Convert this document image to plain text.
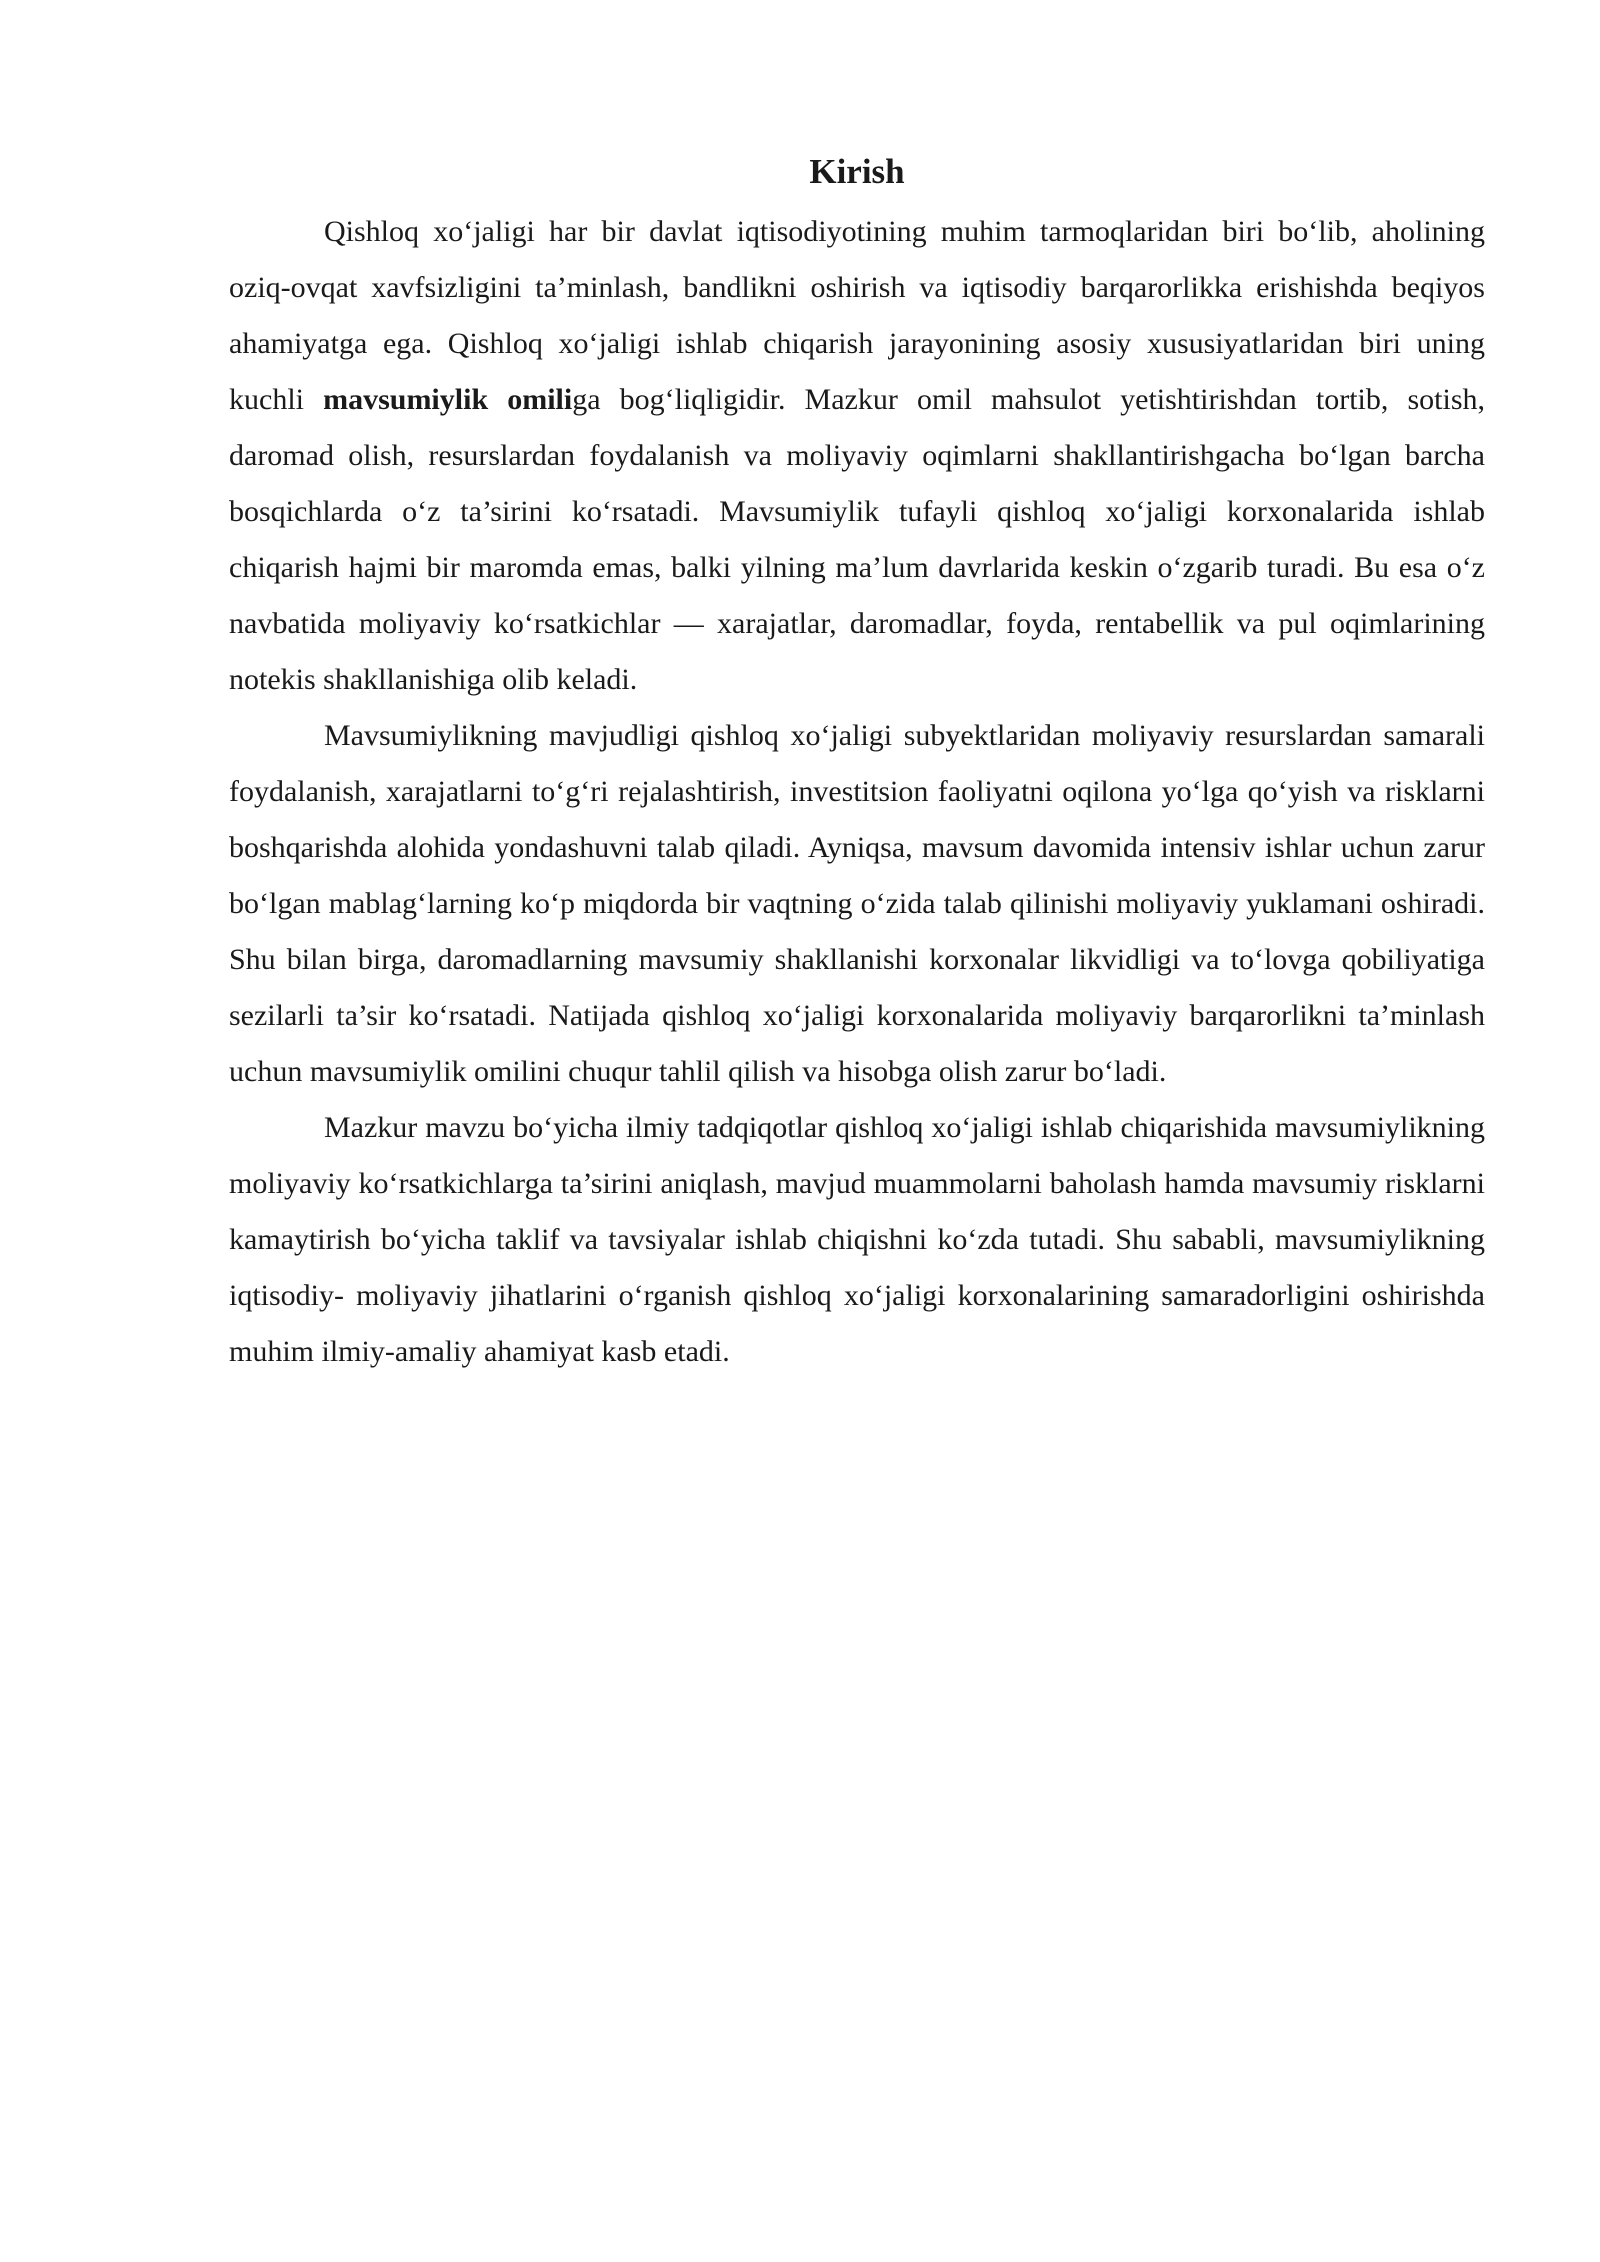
Kirish

Qishloq xo‘jaligi har bir davlat iqtisodiyotining muhim tarmoqlaridan biri bo‘lib, aholining oziq-ovqat xavfsizligini ta’minlash, bandlikni oshirish va iqtisodiy barqarorlikka erishishda beqiyos ahamiyatga ega. Qishloq xo‘jaligi ishlab chiqarish jarayonining asosiy xususiyatlaridan biri uning kuchli mavsumiylik omiliga bog‘liqligidir. Mazkur omil mahsulot yetishtirishdan tortib, sotish, daromad olish, resurslardan foydalanish va moliyaviy oqimlarni shakllantirishgacha bo‘lgan barcha bosqichlarda o‘z ta’sirini ko‘rsatadi. Mavsumiylik tufayli qishloq xo‘jaligi korxonalarida ishlab chiqarish hajmi bir maromda emas, balki yilning ma’lum davrlarida keskin o‘zgarib turadi. Bu esa o‘z navbatida moliyaviy ko‘rsatkichlar — xarajatlar, daromadlar, foyda, rentabellik va pul oqimlarining notekis shakllanishiga olib keladi.

Mavsumiylikning mavjudligi qishloq xo‘jaligi subyektlaridan moliyaviy resurslardan samarali foydalanish, xarajatlarni to‘g‘ri rejalashtirish, investitsion faoliyatni oqilona yo‘lga qo‘yish va risklarni boshqarishda alohida yondashuvni talab qiladi. Ayniqsa, mavsum davomida intensiv ishlar uchun zarur bo‘lgan mablag‘larning ko‘p miqdorda bir vaqtning o‘zida talab qilinishi moliyaviy yuklamani oshiradi. Shu bilan birga, daromadlarning mavsumiy shakllanishi korxonalar likvidligi va to‘lovga qobiliyatiga sezilarli ta’sir ko‘rsatadi. Natijada qishloq xo‘jaligi korxonalarida moliyaviy barqarorlikni ta’minlash uchun mavsumiylik omilini chuqur tahlil qilish va hisobga olish zarur bo‘ladi.

Mazkur mavzu bo‘yicha ilmiy tadqiqotlar qishloq xo‘jaligi ishlab chiqarishida mavsumiylikning moliyaviy ko‘rsatkichlarga ta’sirini aniqlash, mavjud muammolarni baholash hamda mavsumiy risklarni kamaytirish bo‘yicha taklif va tavsiyalar ishlab chiqishni ko‘zda tutadi. Shu sababli, mavsumiylikning iqtisodiy- moliyaviy jihatlarini o‘rganish qishloq xo‘jaligi korxonalarining samaradorligini oshirishda muhim ilmiy-amaliy ahamiyat kasb etadi.
